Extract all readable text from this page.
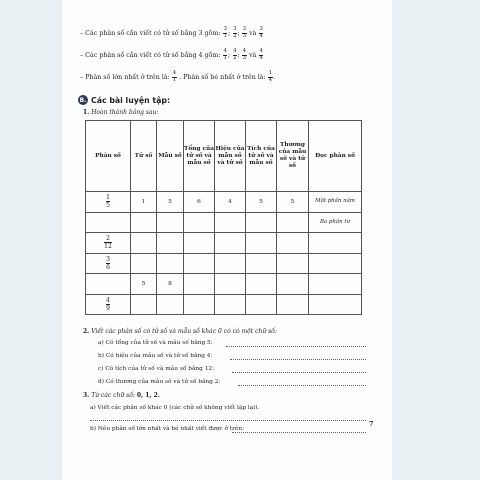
– Các phân số cần viết có tử số bằng 3 gồm: $\frac{3}{1}$ ; $\frac{3}{2}$ ; $\frac{3}{3}$ và $\frac{3}{4}$
– Các phân số cần viết có tử số bằng 4 gồm: $\frac{4}{1}$ ; $\frac{4}{2}$ ; $\frac{4}{3}$ và $\frac{4}{4}$
– Phân số lớn nhất ở trên là: $\frac{4}{1}$ . Phân số bé nhất ở trên là: $\frac{1}{4}$ .
B. Các bài luyện tập:
1. Hoàn thành bảng sau:
Phân số	Tử số	Mẫu số	Tổng của tử số và mẫu số	Hiệu của mẫu số và tử số	Tích của tử số và mẫu số	Thương của mẫu số và tử số	Đọc phân số

$\frac{1}{5}$	1	5	6	4	5	5	Một phần năm
							Ba phần tư

$\frac{2}{12}$

$\frac{3}{6}$

	5	8					

$\frac{4}{9}$

2. Viết các phân số có tử số và mẫu số khác 0 có có một chữ số:
a) Có tổng của tử số và mẫu số bằng 5:
b) Có hiệu của mẫu số và tử số bằng 4:
c) Có tích của tử số và mẫu số bằng 12:
d) Có thương của mẫu số và tử số bằng 2:
3. Từ các chữ số: 0, 1, 2.
a) Viết các phân số khác 0 (các chữ số không viết lặp lại).
b) Nêu phân số lớn nhất và bé nhất viết được ở trên:
7
